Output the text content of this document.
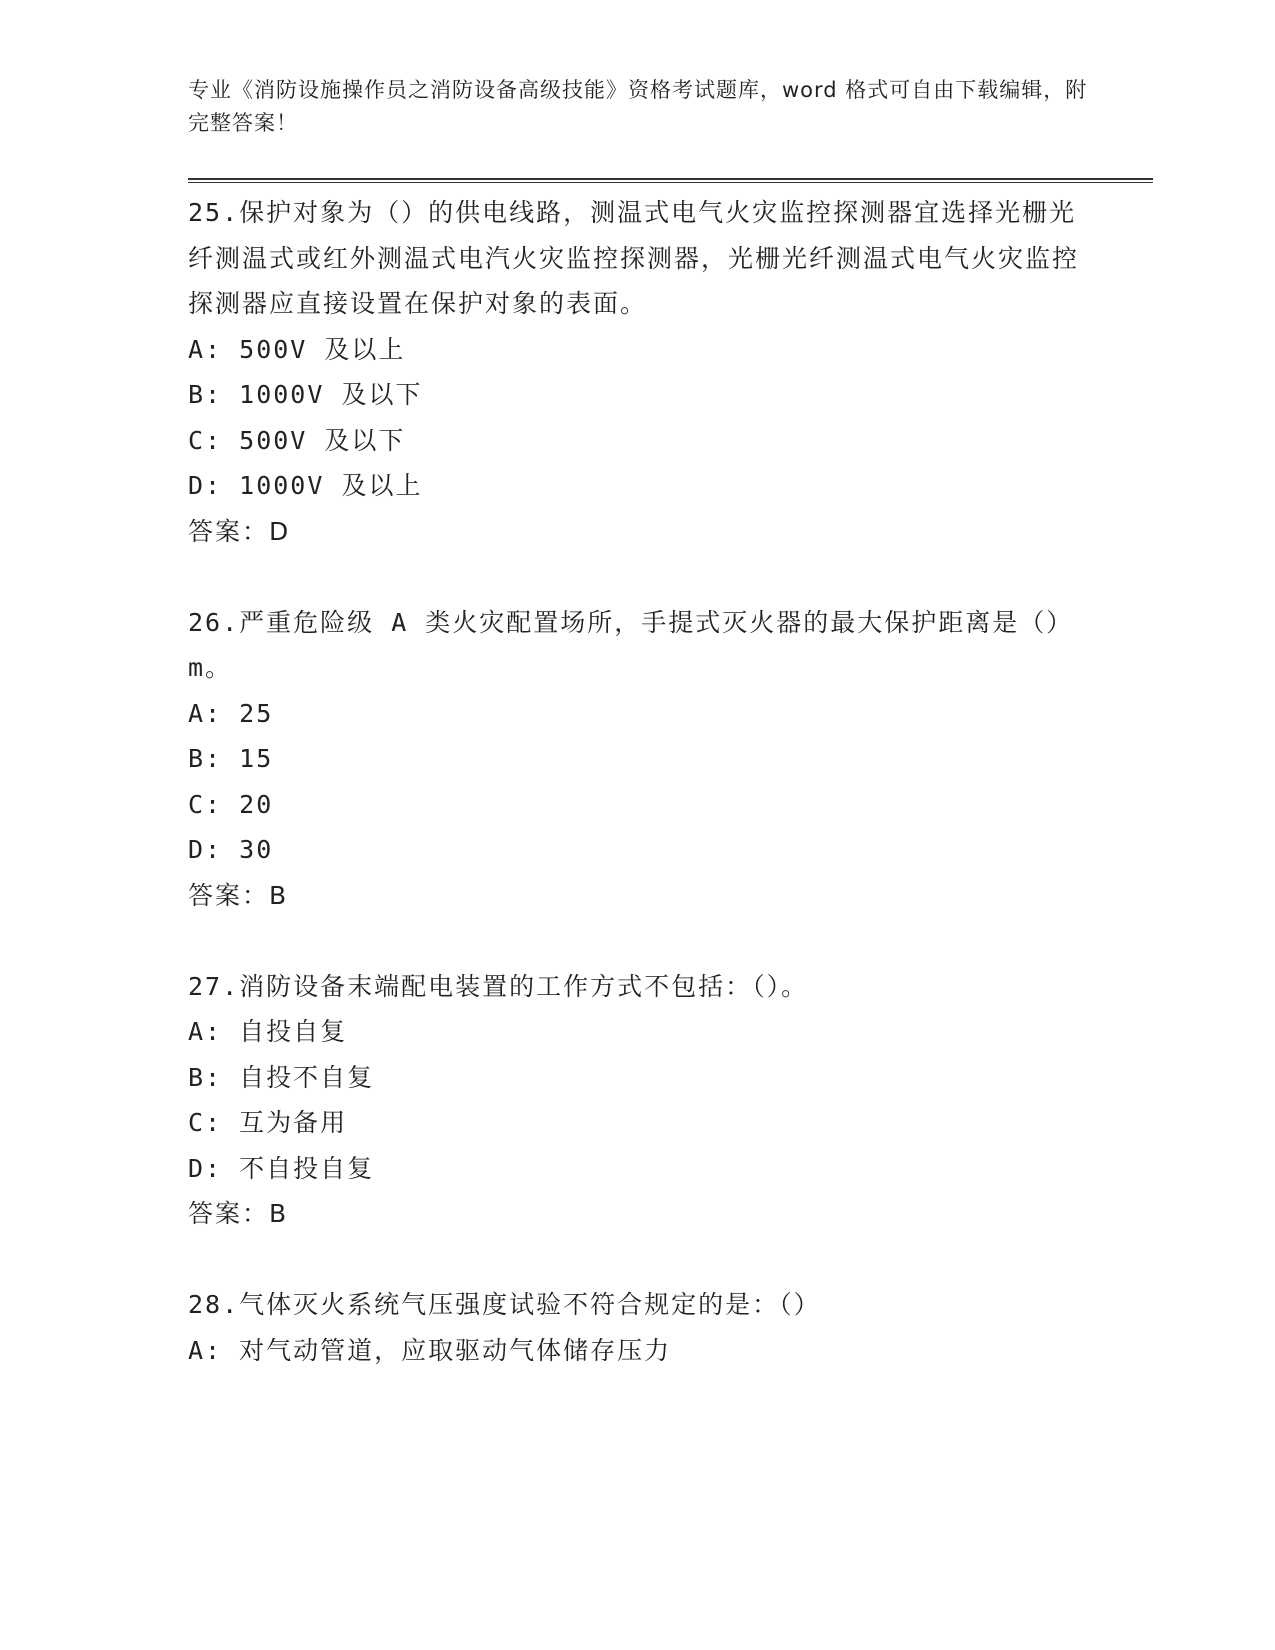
专业《消防设施操作员之消防设备高级技能》资格考试题库，word 格式可自由下载编辑，附完整答案！

25.保护对象为（）的供电线路，测温式电气火灾监控探测器宜选择光栅光纤测温式或红外测温式电汽火灾监控探测器，光栅光纤测温式电气火灾监控探测器应直接设置在保护对象的表面。

A: 500V 及以上

B: 1000V 及以下

C: 500V 及以下

D: 1000V 及以上

答案：D

26.严重危险级 A 类火灾配置场所，手提式灭火器的最大保护距离是（）m。

A: 25

B: 15

C: 20

D: 30

答案：B

27.消防设备末端配电装置的工作方式不包括：（）。

A: 自投自复

B: 自投不自复

C: 互为备用

D: 不自投自复

答案：B

28.气体灭火系统气压强度试验不符合规定的是：（）

A: 对气动管道，应取驱动气体储存压力
